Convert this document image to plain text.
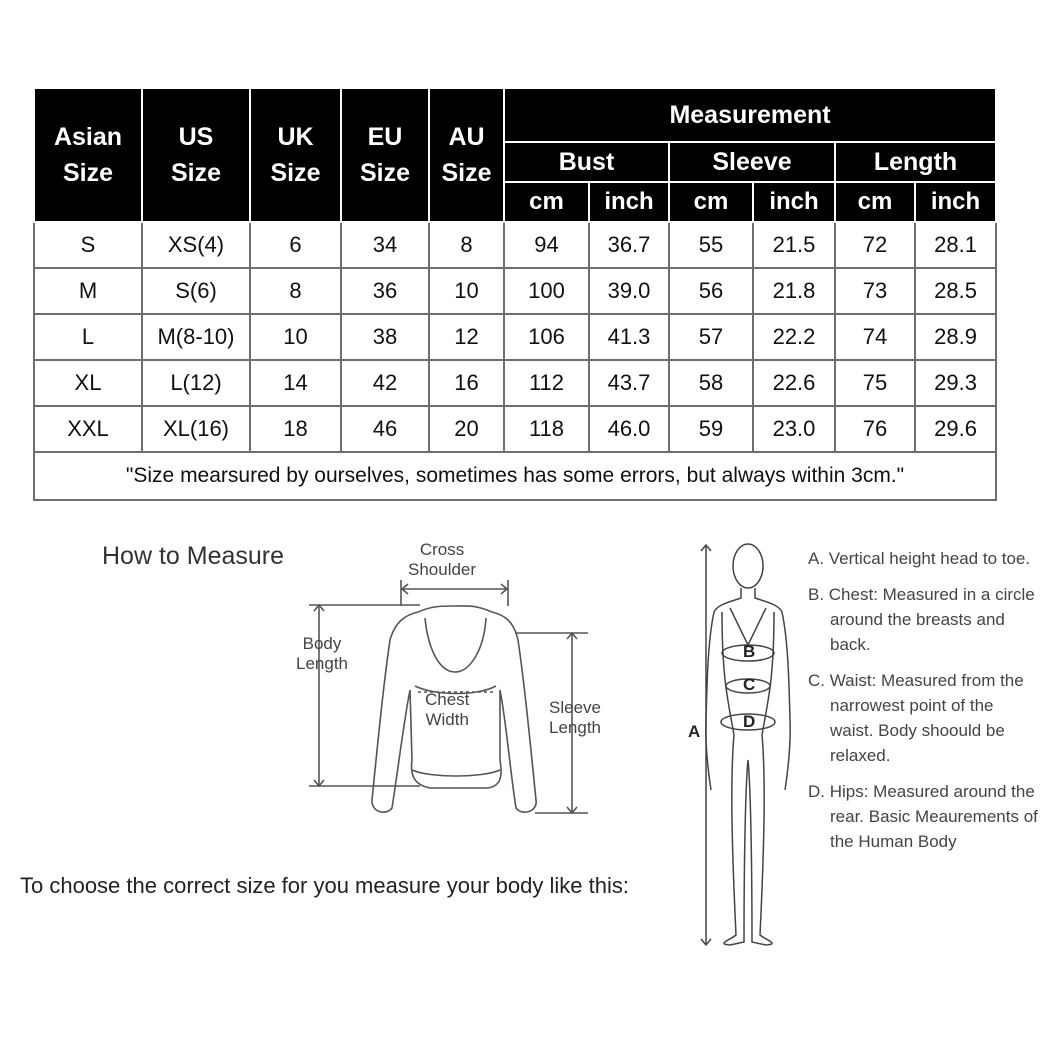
Asian Size	US Size	UK Size	EU Size	AU Size	Measurement					
					Bust		Sleeve		Length	
					cm	inch	cm	inch	cm	inch
S	XS(4)	6	34	8	94	36.7	55	21.5	72	28.1
M	S(6)	8	36	10	100	39.0	56	21.8	73	28.5
L	M(8-10)	10	38	12	106	41.3	57	22.2	74	28.9
XL	L(12)	14	42	16	112	43.7	58	22.6	75	29.3
XXL	XL(16)	18	46	20	118	46.0	59	23.0	76	29.6
"Size mearsured by ourselves, sometimes has some errors, but always within 3cm."										
How to Measure
To choose the correct size for you measure your body like this:
Cross
Shoulder
Body
Length
Chest
Width
Sleeve
Length	A
B
C
D

A. Vertical height head to toe.

B. Chest: Measured in a circle around the breasts and back.

C. Waist: Measured from the narrowest point of the waist. Body shoould be relaxed.

D. Hips: Measured around the rear. Basic Meaurements of the Human Body
